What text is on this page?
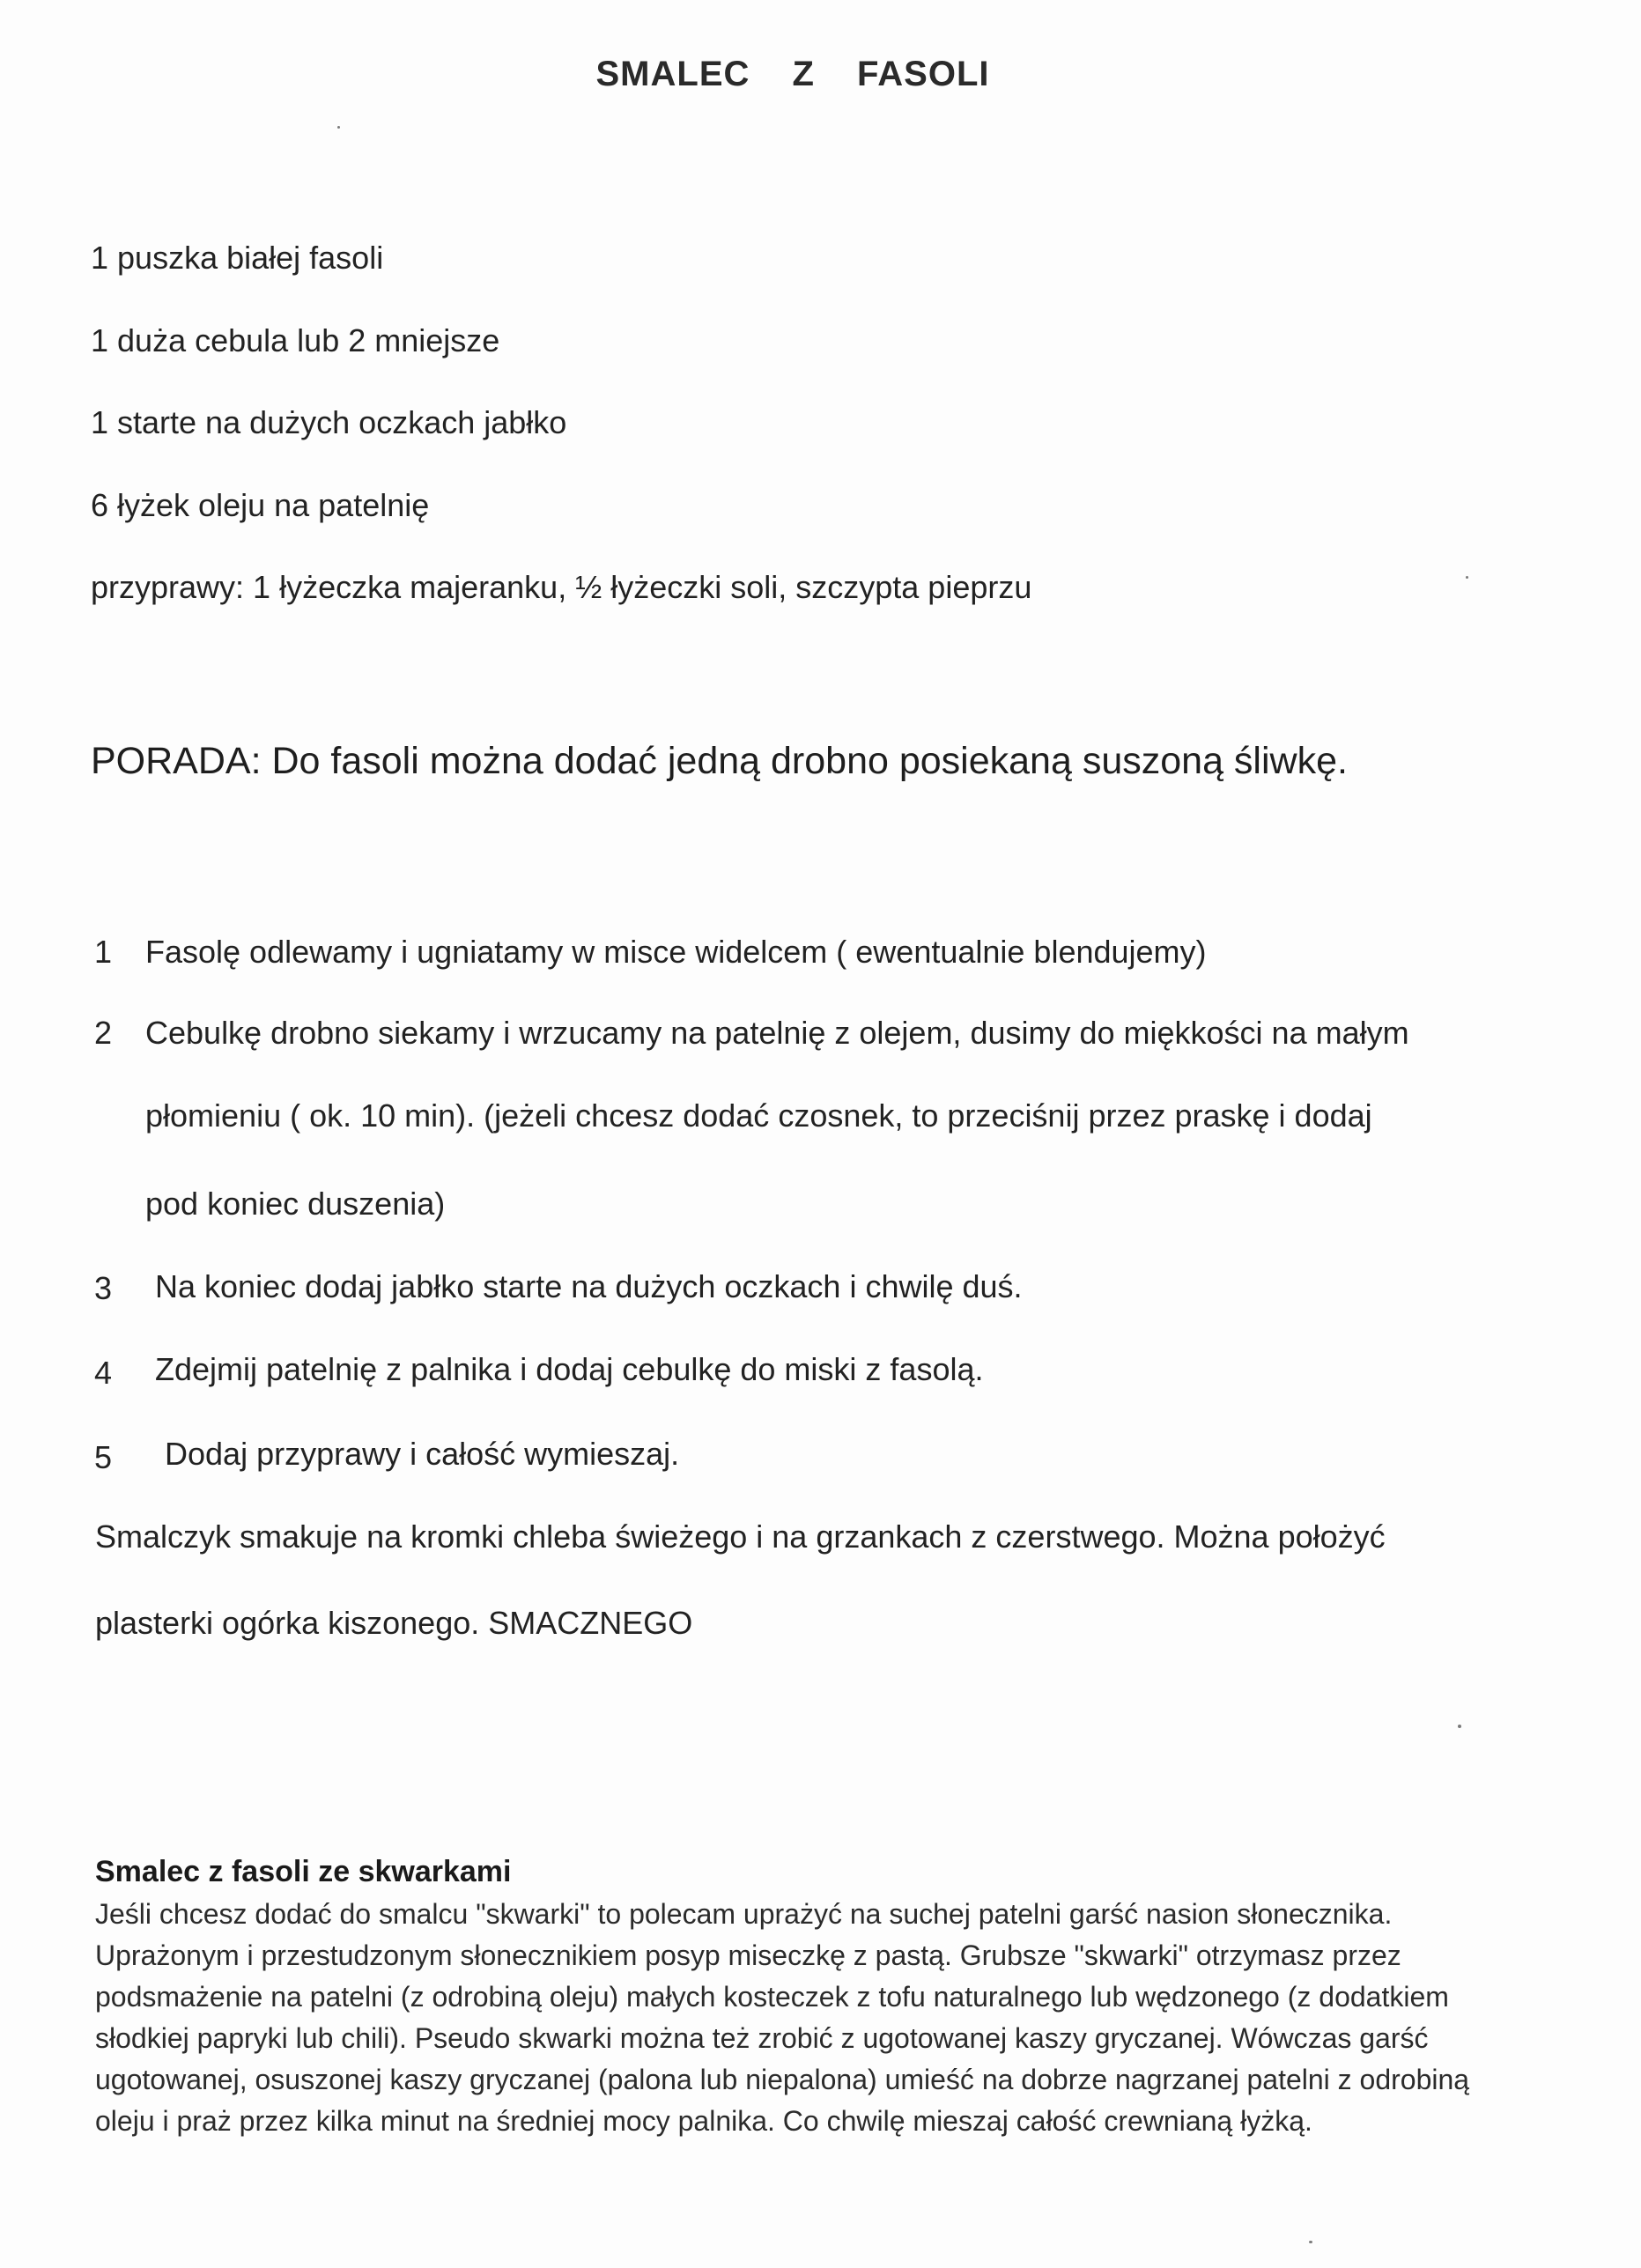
SMALEC Z FASOLI
1 puszka białej fasoli
1 duża cebula lub 2 mniejsze
1 starte na dużych oczkach jabłko
6 łyżek oleju na patelnię
przyprawy: 1 łyżeczka majeranku, ½ łyżeczki soli, szczypta pieprzu
PORADA: Do fasoli można dodać jedną drobno posiekaną suszoną śliwkę.
1 Fasolę odlewamy i ugniatamy w misce widelcem ( ewentualnie blendujemy)
2 Cebulkę drobno siekamy i wrzucamy na patelnię z olejem, dusimy do miękkości na małym
płomieniu ( ok. 10 min). (jeżeli chcesz dodać czosnek, to przeciśnij przez praskę i dodaj
pod koniec duszenia)
3 Na koniec dodaj jabłko starte na dużych oczkach i chwilę duś.
4 Zdejmij patelnię z palnika i dodaj cebulkę do miski z fasolą.
5 Dodaj przyprawy i całość wymieszaj.
Smalczyk smakuje na kromki chleba świeżego i na grzankach z czerstwego. Można położyć
plasterki ogórka kiszonego. SMACZNEGO
Smalec z fasoli ze skwarkami
Jeśli chcesz dodać do smalcu "skwarki" to polecam uprażyć na suchej patelni garść nasion słonecznika. Uprażonym i przestudzonym słonecznikiem posyp miseczkę z pastą. Grubsze "skwarki" otrzymasz przez podsmażenie na patelni (z odrobiną oleju) małych kosteczek z tofu naturalnego lub wędzonego (z dodatkiem słodkiej papryki lub chili). Pseudo skwarki można też zrobić z ugotowanej kaszy gryczanej. Wówczas garść ugotowanej, osuszonej kaszy gryczanej (palona lub niepalona) umieść na dobrze nagrzanej patelni z odrobiną oleju i praż przez kilka minut na średniej mocy palnika. Co chwilę mieszaj całość crewnianą łyżką.
